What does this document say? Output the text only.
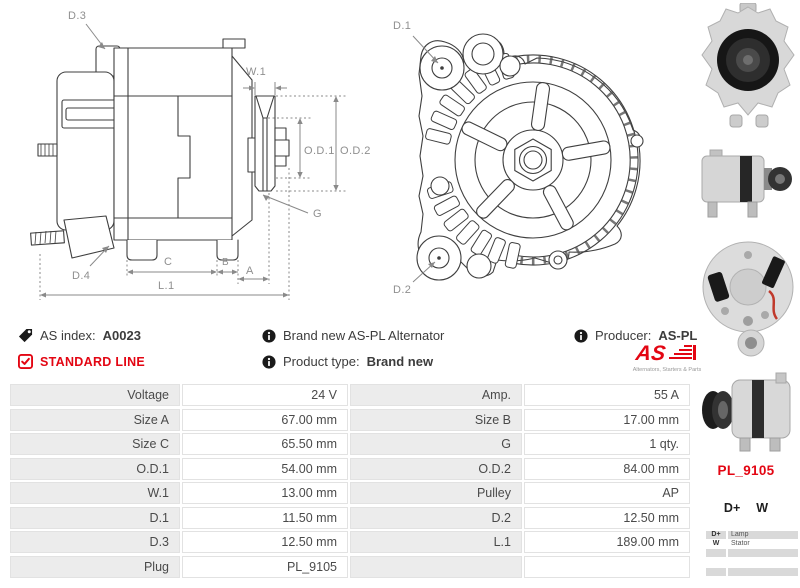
D.3
W.1
O.D.1 O.D.2
G
D.4
C	B
A
L.1
D.1
D.2
AS index: A0023
STANDARD LINE
Brand new AS-PL Alternator
Product type: Brand new
Producer: AS-PL
AS
Alternators, Starters & Parts
Voltage	24 V	Amp.	55 A
Size A	67.00 mm	Size B	17.00 mm
Size C	65.50 mm	G	1 qty.
O.D.1	54.00 mm	O.D.2	84.00 mm
W.1	13.00 mm	Pulley	AP
D.1	11.50 mm	D.2	12.50 mm
D.3	12.50 mm	L.1	189.00 mm
Plug	PL_9105
PL_9105
D+ W
D+	Lamp
W	Stator
